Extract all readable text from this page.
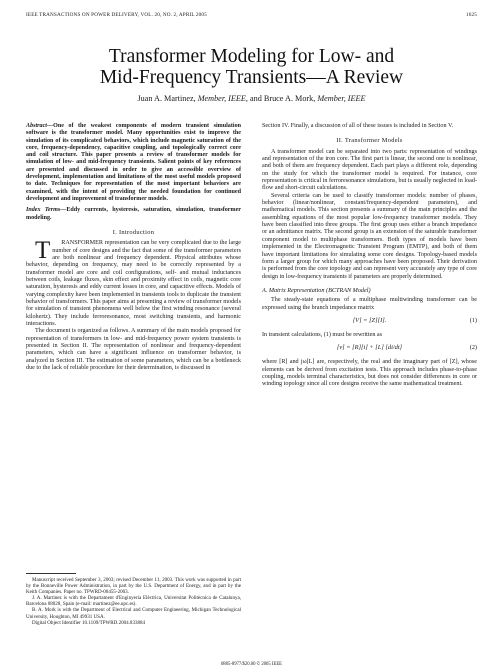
IEEE TRANSACTIONS ON POWER DELIVERY, VOL. 20, NO. 2, APRIL 2005	1625
Transformer Modeling for Low- and
Mid-Frequency Transients—A Review
Juan A. Martinez, Member, IEEE, and Bruce A. Mork, Member, IEEE
Abstract—One of the weakest components of modern transient simulation software is the transformer model. Many opportunities exist to improve the simulation of its complicated behaviors, which include magnetic saturation of the core, frequency-dependency, capacitive coupling, and topologically correct core and coil structure. This paper presents a review of transformer models for simulation of low- and mid-frequency transients. Salient points of key references are presented and discussed in order to give an accessible overview of development, implementation and limitations of the most useful models proposed to date. Techniques for representation of the most important behaviors are examined, with the intent of providing the needed foundation for continued development and improvement of transformer models.
Index Terms—Eddy currents, hysteresis, saturation, simulation, transformer modeling.
I. Introduction

T RANSFORMER representation can be very complicated due to the large number of core designs and the fact that some of the transformer parameters are both nonlinear and frequency dependent. Physical attributes whose behavior, depending on frequency, may need to be correctly represented by a transformer model are core and coil configurations, self- and mutual inductances between coils, leakage fluxes, skin effect and proximity effect in coils, magnetic core saturation, hysteresis and eddy current losses in core, and capacitive effects. Models of varying complexity have been implemented in transients tools to duplicate the transient behavior of transformers. This paper aims at presenting a review of transformer models for simulation of transient phenomena well below the first winding resonance (several kilohertz). They include ferroresonance, most switching transients, and harmonic interactions.

The document is organized as follows. A summary of the main models proposed for representation of transformers in low- and mid-frequency power system transients is presented in Section II. The representation of nonlinear and frequency-dependent parameters, which can have a significant influence on transformer behavior, is analyzed in Section III. The estimation of some parameters, which can be a bottleneck due to the lack of reliable procedure for their determination, is discussed in

Manuscript received September 3, 2003; revised December 11, 2003. This work was supported in part by the Bonneville Power Administration, in part by the U.S. Department of Energy, and in part by the Keith Companies. Paper no. TPWRD-00455-2003.
J. A. Martinez is with the Departament d'Enginyeria Elèctrica, Universitat Politècnica de Catalunya, Barcelona 08028, Spain (e-mail: martinez@ee.upc.es).
B. A. Mork is with the Department of Electrical and Computer Engineering, Michigan Technological University, Houghton, MI 49931 USA.
Digital Object Identifier 10.1109/TPWRD.2004.833884

Section IV. Finally, a discussion of all of these issues is included in Section V.

II. Transformer Models

A transformer model can be separated into two parts: representation of windings and representation of the iron core. The first part is linear, the second one is nonlinear, and both of them are frequency dependent. Each part plays a different role, depending on the study for which the transformer model is required. For instance, core representation is critical in ferroresonance simulations, but is usually neglected in load-flow and short-circuit calculations.

Several criteria can be used to classify transformer models: number of phases, behavior (linear/nonlinear, constant/frequency-dependent parameters), and mathematical models. This section presents a summary of the main principles and the assembling equations of the most popular low-frequency transformer models. They have been classified into three groups. The first group uses either a branch impedance or an admittance matrix. The second group is an extension of the saturable transformer component model to multiphase transformers. Both types of models have been implemented in the Electromagnetic Transient Program (EMTP), and both of them have important limitations for simulating some core designs. Topology-based models form a larger group for which many approaches have been proposed. Their derivation is performed from the core topology and can represent very accurately any type of core design in low-frequency transients if parameters are properly determined.

A. Matrix Representation (BCTRAN Model)

The steady-state equations of a multiphase multiwinding transformer can be expressed using the branch impedance matrix

[V] = [Z][I].	(1)

In transient calculations, (1) must be rewritten as

[v] = [R][i] + [L] [di/dt]	(2)

where [R] and jω[L] are, respectively, the real and the imaginary part of [Z], whose elements can be derived from excitation tests. This approach includes phase-to-phase coupling, models terminal characteristics, but does not consider differences in core or winding topology since all core designs receive the same mathematical treatment.

0885-8977/$20.00 © 2005 IEEE
